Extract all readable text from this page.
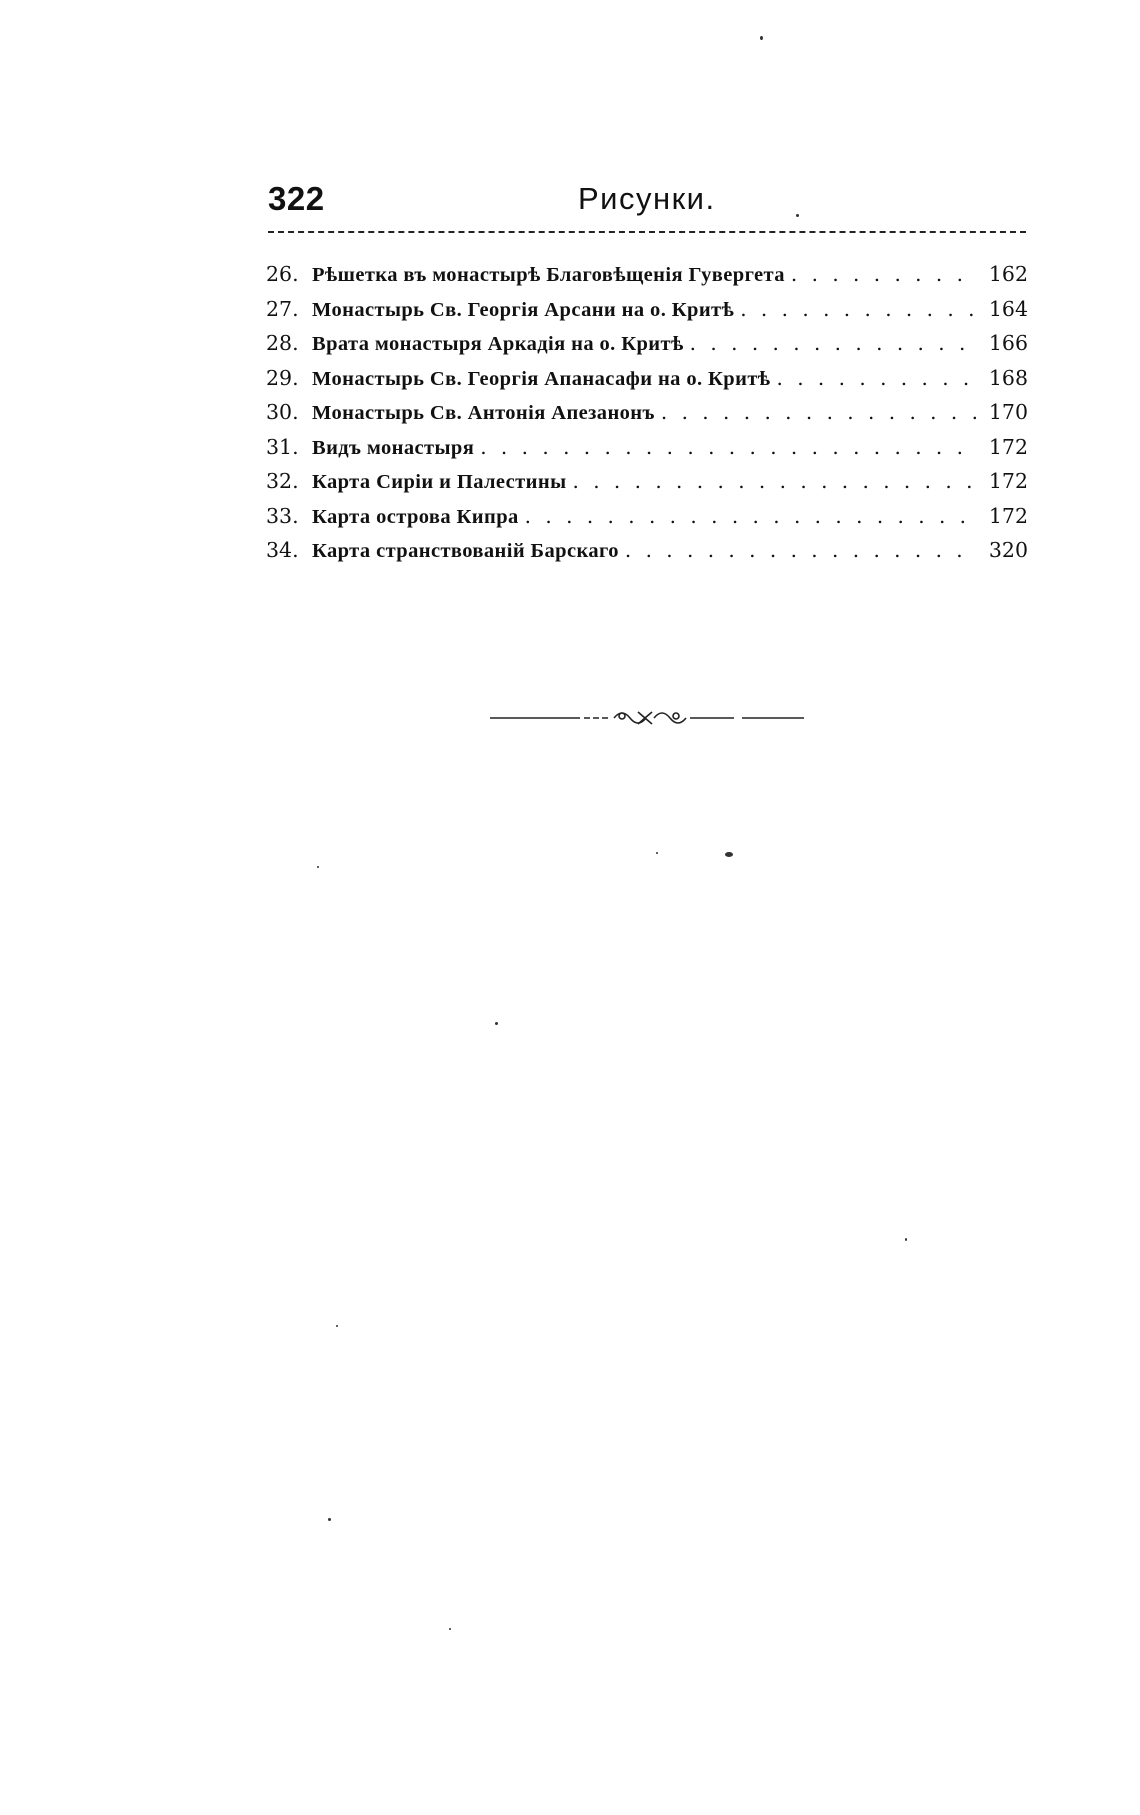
322	Рисунки.
26. Рѣшетка въ монастырѣ Благовѣщенія Гувергета . . .	162
27. Монастырь Св. Георгія Арсани на о. Критѣ . . .	164
28. Врата монастыря Аркадія на о. Критѣ . . .	166
29. Монастырь Св. Георгія Апанасафи на о. Критѣ . . .	168
30. Монастырь Св. Антонія Апезанонъ . . .	170
31. Видъ монастыря . . .	172
32. Карта Сиріи и Палестины . . .	172
33. Карта острова Кипра . . .	172
34. Карта странствованій Барскаго . . .	320
